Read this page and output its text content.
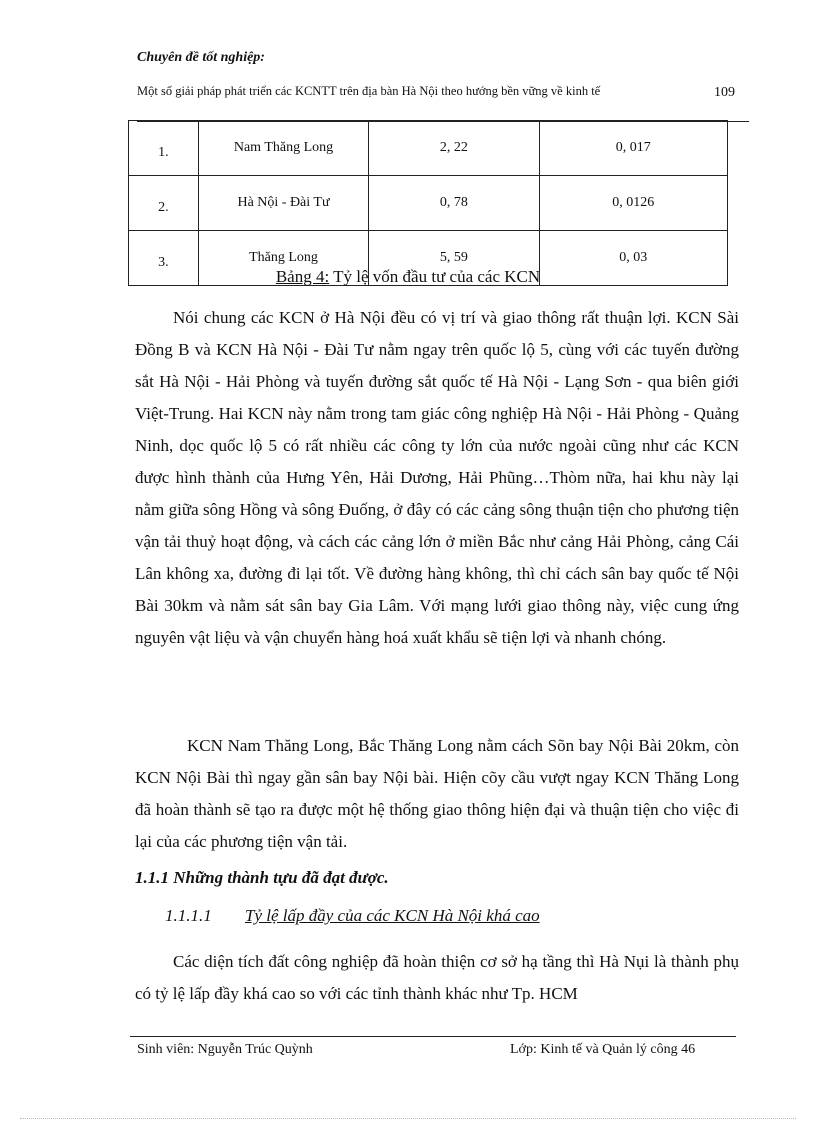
Chuyên đề tốt nghiệp:
Một số giải pháp phát triển các KCNTT trên địa bàn Hà Nội theo hướng bền vững về kinh tế	109
1.	Nam Thăng Long	2, 22	0, 017
2.	Hà Nội - Đài Tư	0, 78	0, 0126
3.	Thăng Long	5, 59	0, 03
Bảng 4: Tỷ lệ vốn đầu tư của các KCN
Nói chung các KCN ở Hà Nội đều có vị trí và giao thông rất thuận lợi. KCN Sài Đồng B và KCN Hà Nội - Đài Tư nằm ngay trên quốc lộ 5, cùng với các tuyến đường sắt Hà Nội - Hải Phòng và tuyến đường sắt quốc tế Hà Nội - Lạng Sơn - qua biên giới Việt-Trung. Hai KCN này nằm trong tam giác công nghiệp Hà Nội - Hải Phòng - Quảng Ninh, dọc quốc lộ 5 có rất nhiều các công ty lớn của nước ngoài cũng như các KCN được hình thành của Hưng Yên, Hải Dương, Hải Phũng…Thòm nữa, hai khu này lại nằm giữa sông Hồng và sông Đuống, ở đây có các cảng sông thuận tiện cho phương tiện vận tải thuỷ hoạt động, và cách các cảng lớn ở miền Bắc như cảng Hải Phòng, cảng Cái Lân không xa, đường đi lại tốt. Về đường hàng không, thì chỉ cách sân bay quốc tế Nội Bài 30km và nằm sát sân bay Gia Lâm. Với mạng lưới giao thông này, việc cung ứng nguyên vật liệu và vận chuyển hàng hoá xuất khẩu sẽ tiện lợi và nhanh chóng.
KCN Nam Thăng Long, Bắc Thăng Long nằm cách Sõn bay Nội Bài 20km, còn KCN Nội Bài thì ngay gần sân bay Nội bài. Hiện cõy cầu vượt ngay KCN Thăng Long đã hoàn thành sẽ tạo ra được một hệ thống giao thông hiện đại và thuận tiện cho việc đi lại của các phương tiện vận tải.
1.1.1 Những thành tựu đã đạt được.
1.1.1.1 Tỷ lệ lấp đầy của các KCN Hà Nội khá cao
Các diện tích đất công nghiệp đã hoàn thiện cơ sở hạ tầng thì Hà Nụi là thành phụ có tỷ lệ lấp đầy khá cao so với các tỉnh thành khác như Tp. HCM
Sinh viên: Nguyễn Trúc Quỳnh	Lớp: Kinh tế và Quản lý công 46
